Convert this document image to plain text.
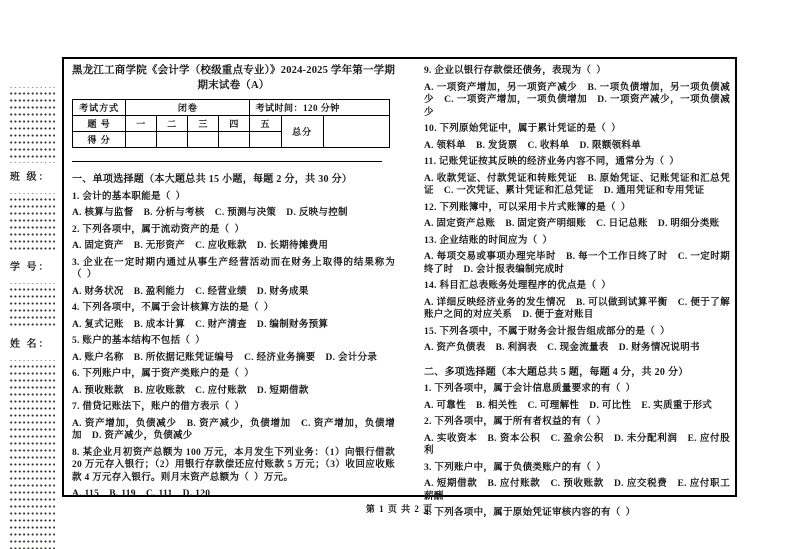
班 级：
学 号：
姓 名：
黑龙江工商学院《会计学（校级重点专业）》2024-2025 学年第一学期
期末试卷（A）
考试方式	闭卷				考试时间：120 分钟		
题 号	一	二	三	四	五	总分	
得 分							

一、单项选择题（本大题总共 15 小题，每题 2 分，共 30 分）

1. 会计的基本职能是（ ）

A. 核算与监督  B. 分析与考核  C. 预测与决策  D. 反映与控制

2. 下列各项中，属于流动资产的是（ ）

A. 固定资产  B. 无形资产  C. 应收账款  D. 长期待摊费用

3. 企业在一定时期内通过从事生产经营活动而在财务上取得的结果称为（ ）

A. 财务状况  B. 盈利能力  C. 经营业绩  D. 财务成果

4. 下列各项中，不属于会计核算方法的是（ ）

A. 复式记账  B. 成本计算  C. 财产清查  D. 编制财务预算

5. 账户的基本结构不包括（ ）

A. 账户名称  B. 所依据记账凭证编号  C. 经济业务摘要  D. 会计分录

6. 下列账户中，属于资产类账户的是（ ）

A. 预收账款  B. 应收账款  C. 应付账款  D. 短期借款

7. 借贷记账法下，账户的借方表示（ ）

A. 资产增加，负债减少  B. 资产减少，负债增加  C. 资产增加，负债增加  D. 资产减少，负债减少

8. 某企业月初资产总额为 100 万元，本月发生下列业务：（1）向银行借款 20 万元存入银行；（2）用银行存款偿还应付账款 5 万元；（3）收回应收账款 4 万元存入银行。则月末资产总额为（ ）万元。

A. 115  B. 119  C. 111  D. 120

9. 企业以银行存款偿还债务，表现为（ ）

A. 一项资产增加，另一项资产减少  B. 一项负债增加，另一项负债减少  C. 一项资产增加，一项负债增加  D. 一项资产减少，一项负债减少

10. 下列原始凭证中，属于累计凭证的是（ ）

A. 领料单  B. 发货票  C. 收料单  D. 限额领料单

11. 记账凭证按其反映的经济业务内容不同，通常分为（ ）

A. 收款凭证、付款凭证和转账凭证  B. 原始凭证、记账凭证和汇总凭证  C. 一次凭证、累计凭证和汇总凭证  D. 通用凭证和专用凭证

12. 下列账簿中，可以采用卡片式账簿的是（ ）

A. 固定资产总账  B. 固定资产明细账  C. 日记总账  D. 明细分类账

13. 企业结账的时间应为（ ）

A. 每项交易或事项办理完毕时  B. 每一个工作日终了时  C. 一定时期终了时  D. 会计报表编制完成时

14. 科目汇总表账务处理程序的优点是（ ）

A. 详细反映经济业务的发生情况  B. 可以做到试算平衡  C. 便于了解账户之间的对应关系  D. 便于查对账目

15. 下列各项中，不属于财务会计报告组成部分的是（ ）

A. 资产负债表  B. 利润表  C. 现金流量表  D. 财务情况说明书

二、多项选择题（本大题总共 5 题，每题 4 分，共 20 分）

1. 下列各项中，属于会计信息质量要求的有（ ）

A. 可靠性  B. 相关性  C. 可理解性  D. 可比性  E. 实质重于形式

2. 下列各项中，属于所有者权益的有（ ）

A. 实收资本  B. 资本公积  C. 盈余公积  D. 未分配利润  E. 应付股利

3. 下列账户中，属于负债类账户的有（ ）

A. 短期借款  B. 应付账款  C. 预收账款  D. 应交税费  E. 应付职工薪酬

4. 下列各项中，属于原始凭证审核内容的有（ ）

第 1 页 共 2 页
